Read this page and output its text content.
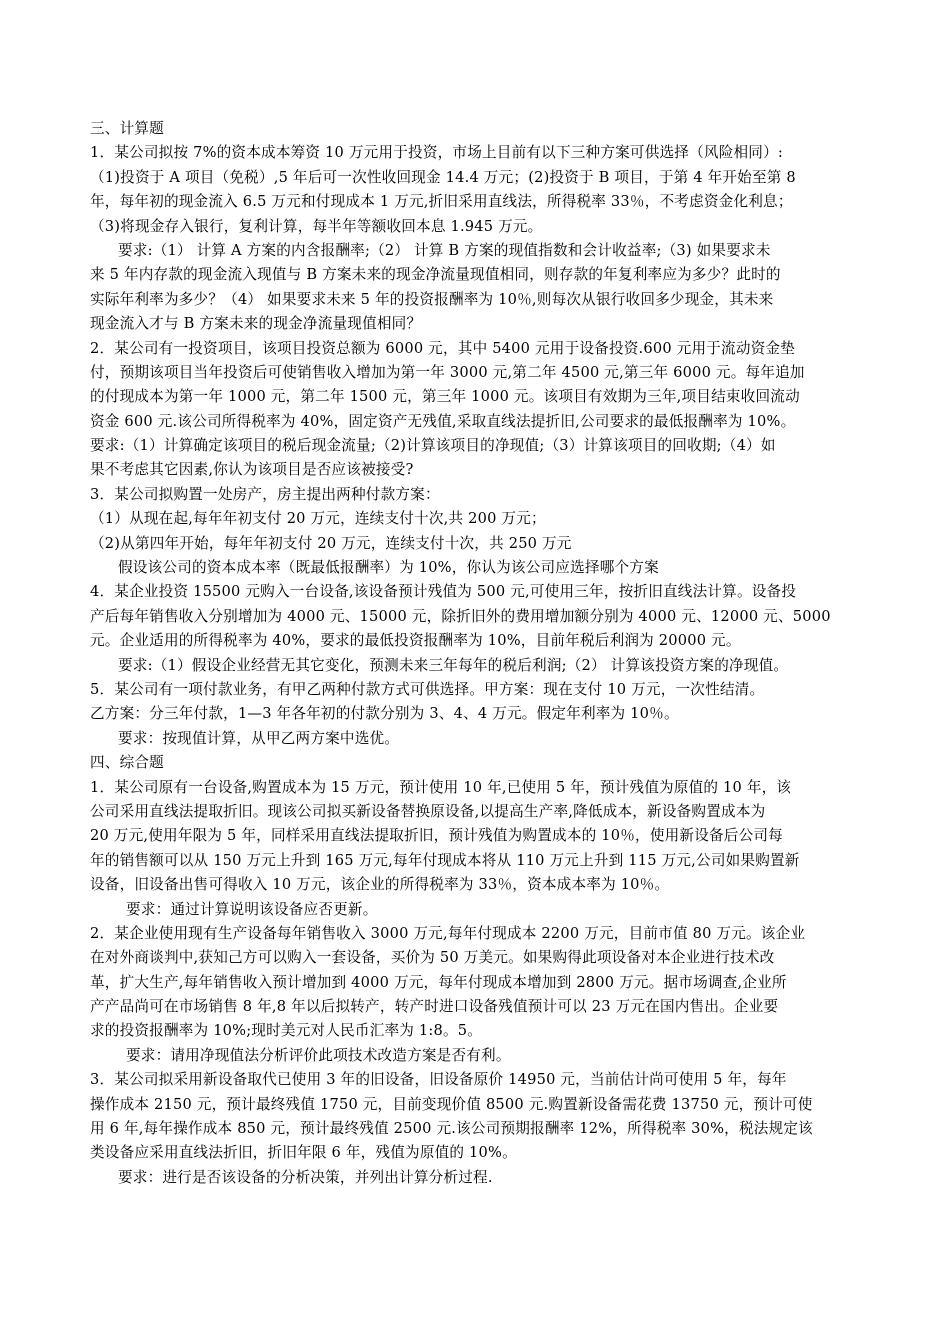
三、计算题
1．某公司拟按 7%的资本成本筹资 10 万元用于投资，市场上目前有以下三种方案可供选择（风险相同）:
（1)投资于 A 项目（免税）,5 年后可一次性收回现金 14.4 万元；(2)投资于 B 项目，于第 4 年开始至第 8
年，每年初的现金流入 6.5 万元和付现成本 1 万元,折旧采用直线法，所得税率 33％，不考虑资金化利息；
（3)将现金存入银行，复利计算，每半年等额收回本息 1.945 万元。
要求:（1） 计算 A 方案的内含报酬率;（2） 计算 B 方案的现值指数和会计收益率;（3) 如果要求未
来 5 年内存款的现金流入现值与 B 方案未来的现金净流量现值相同，则存款的年复利率应为多少？此时的
实际年利率为多少？（4） 如果要求未来 5 年的投资报酬率为 10％,则每次从银行收回多少现金，其未来
现金流入才与 B 方案未来的现金净流量现值相同？
2．某公司有一投资项目，该项目投资总额为 6000 元，其中 5400 元用于设备投资.600 元用于流动资金垫
付，预期该项目当年投资后可使销售收入增加为第一年 3000 元,第二年 4500 元,第三年 6000 元。每年追加
的付现成本为第一年 1000 元，第二年 1500 元，第三年 1000 元。该项目有效期为三年,项目结束收回流动
资金 600 元.该公司所得税率为 40%，固定资产无残值,采取直线法提折旧,公司要求的最低报酬率为 10%。
要求:（1）计算确定该项目的税后现金流量;（2)计算该项目的净现值;（3）计算该项目的回收期;（4）如
果不考虑其它因素,你认为该项目是否应该被接受?
3．某公司拟购置一处房产，房主提出两种付款方案：
（1）从现在起,每年年初支付 20 万元，连续支付十次,共 200 万元；
（2)从第四年开始，每年年初支付 20 万元，连续支付十次，共 250 万元
假设该公司的资本成本率（既最低报酬率）为 10%，你认为该公司应选择哪个方案
4．某企业投资 15500 元购入一台设备,该设备预计残值为 500 元,可使用三年，按折旧直线法计算。设备投
产后每年销售收入分别增加为 4000 元、15000 元，除折旧外的费用增加额分别为 4000 元、12000 元、5000
元。企业适用的所得税率为 40%，要求的最低投资报酬率为 10%，目前年税后利润为 20000 元。
要求:（1）假设企业经营无其它变化，预测未来三年每年的税后利润;（2） 计算该投资方案的净现值。
5．某公司有一项付款业务，有甲乙两种付款方式可供选择。甲方案：现在支付 10 万元，一次性结清。
乙方案：分三年付款，1—3 年各年初的付款分别为 3、4、4 万元。假定年利率为 10％。
要求：按现值计算，从甲乙两方案中选优。
四、综合题
1．某公司原有一台设备,购置成本为 15 万元，预计使用 10 年,已使用 5 年，预计残值为原值的 10 年，该
公司采用直线法提取折旧。现该公司拟买新设备替换原设备,以提高生产率,降低成本，新设备购置成本为
20 万元,使用年限为 5 年，同样采用直线法提取折旧，预计残值为购置成本的 10％，使用新设备后公司每
年的销售额可以从 150 万元上升到 165 万元,每年付现成本将从 110 万元上升到 115 万元,公司如果购置新
设备，旧设备出售可得收入 10 万元，该企业的所得税率为 33％，资本成本率为 10％。
要求：通过计算说明该设备应否更新。
2．某企业使用现有生产设备每年销售收入 3000 万元,每年付现成本 2200 万元，目前市值 80 万元。该企业
在对外商谈判中,获知己方可以购入一套设备，买价为 50 万美元。如果购得此项设备对本企业进行技术改
革，扩大生产,每年销售收入预计增加到 4000 万元，每年付现成本增加到 2800 万元。据市场调查,企业所
产产品尚可在市场销售 8 年,8 年以后拟转产，转产时进口设备残值预计可以 23 万元在国内售出。企业要
求的投资报酬率为 10%;现时美元对人民币汇率为 1:8。5。
要求：请用净现值法分析评价此项技术改造方案是否有利。
3．某公司拟采用新设备取代已使用 3 年的旧设备，旧设备原价 14950 元，当前估计尚可使用 5 年，每年
操作成本 2150 元，预计最终残值 1750 元，目前变现价值 8500 元.购置新设备需花费 13750 元，预计可使
用 6 年,每年操作成本 850 元，预计最终残值 2500 元.该公司预期报酬率 12%，所得税率 30%，税法规定该
类设备应采用直线法折旧，折旧年限 6 年，残值为原值的 10%。
要求：进行是否该设备的分析决策，并列出计算分析过程.
